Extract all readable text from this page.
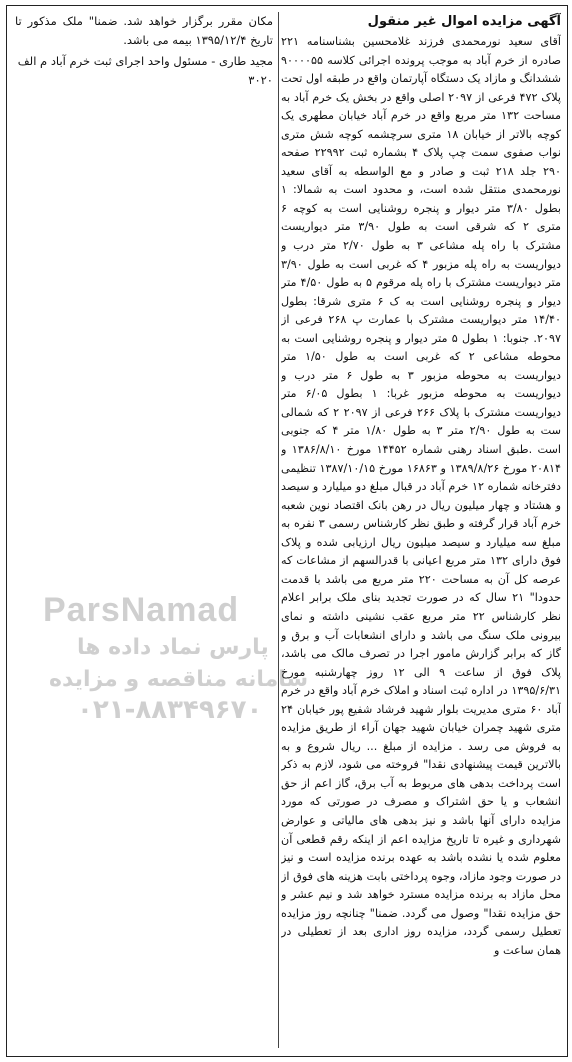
آگهی مزایده اموال غیر منقول

آقای سعید نورمحمدی فرزند غلامحسین بشناسنامه ۲۲۱ صادره از خرم آباد به موجب پرونده اجرائی کلاسه ۹۰۰۰۰۵۵ ششدانگ و مازاد یک دستگاه آپارتمان واقع در طبقه اول تحت پلاک ۴۷۲ فرعی از ۲۰۹۷ اصلی واقع در بخش یک خرم آباد به مساحت ۱۳۲ متر مربع واقع در خرم آباد خیابان مطهری یک کوچه بالاتر از خیابان ۱۸ متری سرچشمه کوچه شش متری نواب صفوی سمت چپ پلاک ۴ بشماره ثبت ۲۲۹۹۲ صفحه ۲۹۰ جلد ۲۱۸ ثبت و صادر و مع الواسطه به آقای سعید نورمحمدی منتقل شده است، و محدود است به شمالا: ۱ بطول ۳/۸۰ متر دیوار و پنجره روشنایی است به کوچه ۶ متری ۲ که شرقی است به طول ۳/۹۰ متر دیواریست مشترک با راه پله مشاعی ۳ به طول ۲/۷۰ متر درب و دیواریست به راه پله مزبور ۴ که غربی است به طول ۳/۹۰ متر دیواریست مشترک با راه پله مرقوم ۵ به طول ۴/۵۰ متر دیوار و پنجره روشنایی است به ک ۶ متری شرقا: بطول ۱۴/۴۰ متر دیواریست مشترک با عمارت پ ۲۶۸ فرعی از ۲۰۹۷. جنوبا: ۱ بطول ۵ متر دیوار و پنجره روشنایی است به محوطه مشاعی ۲ که غربی است به طول ۱/۵۰ متر دیواریست به محوطه مزبور ۳ به طول ۶ متر درب و دیواریست به محوطه مزبور غربا: ۱ بطول ۶/۰۵ متر دیواریست مشترک با پلاک ۲۶۶ فرعی از ۲۰۹۷ ۲ که شمالی ست به طول ۲/۹۰ متر ۳ به طول ۱/۸۰ متر ۴ که جنوبی است .طبق اسناد رهنی شماره ۱۴۴۵۲ مورخ ۱۳۸۶/۸/۱۰ و ۲۰۸۱۴ مورخ ۱۳۸۹/۸/۲۶ و ۱۶۸۶۳ مورخ ۱۳۸۷/۱۰/۱۵ تنظیمی دفترخانه شماره ۱۲ خرم آباد در قبال مبلغ دو میلیارد و سیصد و هشتاد و چهار میلیون ریال در رهن بانک اقتصاد نوین شعبه خرم آباد قرار گرفته و طبق نظر کارشناس رسمی ۳ نفره به مبلغ سه میلیارد و سیصد میلیون ریال ارزیابی شده و پلاک فوق دارای ۱۳۲ متر مربع اعیانی با قدرالسهم از مشاعات که عرصه کل آن به مساحت ۲۲۰ متر مربع می باشد با قدمت حدودا" ۲۱ سال که در صورت تجدید بنای ملک برابر اعلام نظر کارشناس ۲۲ متر مربع عقب نشینی داشته و نمای بیرونی ملک سنگ می باشد و دارای انشعابات آب و برق و گاز که برابر گزارش مامور اجرا در تصرف مالک می باشد، پلاک فوق از ساعت ۹ الی ۱۲ روز چهارشنبه مورخ ۱۳۹۵/۶/۳۱ در اداره ثبت اسناد و املاک خرم آباد واقع در خرم آباد ۶۰ متری مدیریت بلوار شهید فرشاد شفیع پور خیابان ۲۴ متری شهید چمران خیابان شهید جهان آراء از طریق مزایده به فروش می رسد . مزایده از مبلغ ... ریال شروع و به بالاترین قیمت پیشنهادی نقدا" فروخته می شود، لازم به ذکر است پرداخت بدهی های مربوط به آب برق، گاز اعم از حق انشعاب و یا حق اشتراک و مصرف در صورتی که مورد مزایده دارای آنها باشد و نیز بدهی های مالیاتی و عوارض شهرداری و غیره تا تاریخ مزایده اعم از اینکه رقم قطعی آن معلوم شده یا نشده باشد به عهده برنده مزایده است و نیز در صورت وجود مازاد، وجوه پرداختی بابت هزینه های فوق از محل مازاد به برنده مزایده مسترد خواهد شد و نیم عشر و حق مزایده نقدا" وصول می گردد. ضمنا" چنانچه روز مزایده تعطیل رسمی گردد، مزایده روز اداری بعد از تعطیلی در همان ساعت و

مکان مقرر برگزار خواهد شد. ضمنا" ملک مذکور تا تاریخ ۱۳۹۵/۱۲/۴ بیمه می باشد.

مجید طاری - مسئول واحد اجرای ثبت خرم آباد م الف ۳۰۲۰

ParsNamad
پارس نماد داده ها
سامانه مناقصه و مزایده
۰۲۱-۸۸۳۴۹۶۷۰
